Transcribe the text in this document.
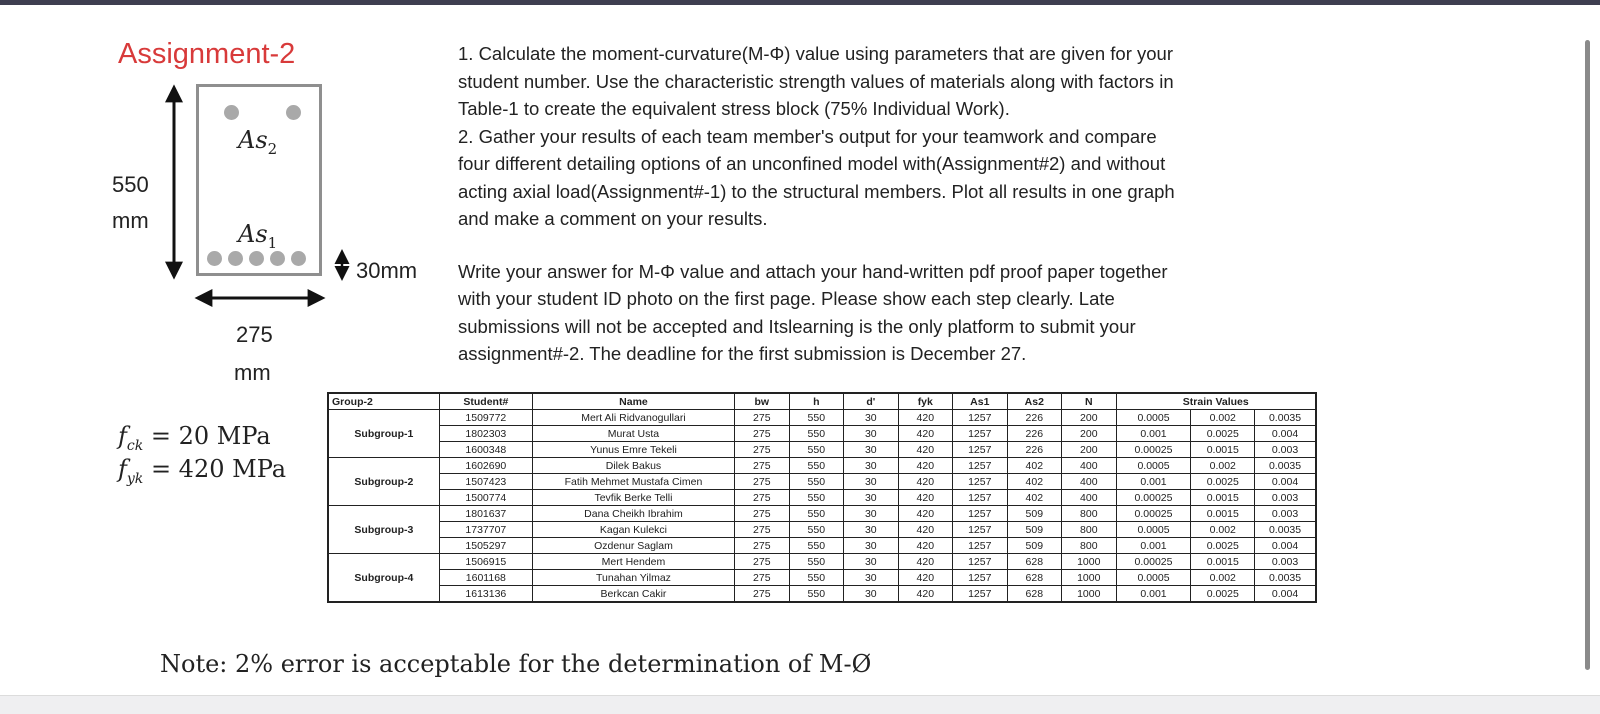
Assignment-2
$As_2$
$As_1$
550
mm
30mm
275
mm
$f_{ck} = 20$ MPa
$f_{yk} = 420$ MPa

1. Calculate the moment-curvature(M-Φ) value using parameters that are given for your

student number. Use the characteristic strength values of materials along with factors in

Table-1 to create the equivalent stress block (75% Individual Work).

2. Gather your results of each team member's output for your teamwork and compare

four different detailing options of an unconfined model with(Assignment#2) and without

acting axial load(Assignment#-1) to the structural members. Plot all results in one graph

and make a comment on your results.

Write your answer for M-Φ value and attach your hand-written pdf proof paper together

with your student ID photo on the first page. Please show each step clearly. Late

submissions will not be accepted and Itslearning is the only platform to submit your

assignment#-2. The deadline for the first submission is December 27.

Group-2	Student#	Name	bw	h	d'	fyk	As1	As2	N	Strain Values		
Subgroup-1	1509772	Mert Ali Ridvanogullari	275	550	30	420	1257	226	200	0.0005	0.002	0.0035
	1802303	Murat Usta	275	550	30	420	1257	226	200	0.001	0.0025	0.004
	1600348	Yunus Emre Tekeli	275	550	30	420	1257	226	200	0.00025	0.0015	0.003
Subgroup-2	1602690	Dilek Bakus	275	550	30	420	1257	402	400	0.0005	0.002	0.0035
	1507423	Fatih Mehmet Mustafa Cimen	275	550	30	420	1257	402	400	0.001	0.0025	0.004
	1500774	Tevfik Berke Telli	275	550	30	420	1257	402	400	0.00025	0.0015	0.003
Subgroup-3	1801637	Dana Cheikh Ibrahim	275	550	30	420	1257	509	800	0.00025	0.0015	0.003
	1737707	Kagan Kulekci	275	550	30	420	1257	509	800	0.0005	0.002	0.0035
	1505297	Ozdenur Saglam	275	550	30	420	1257	509	800	0.001	0.0025	0.004
Subgroup-4	1506915	Mert Hendem	275	550	30	420	1257	628	1000	0.00025	0.0015	0.003
	1601168	Tunahan Yilmaz	275	550	30	420	1257	628	1000	0.0005	0.002	0.0035
	1613136	Berkcan Cakir	275	550	30	420	1257	628	1000	0.001	0.0025	0.004
Note: 2% error is acceptable for the determination of M-Ø
